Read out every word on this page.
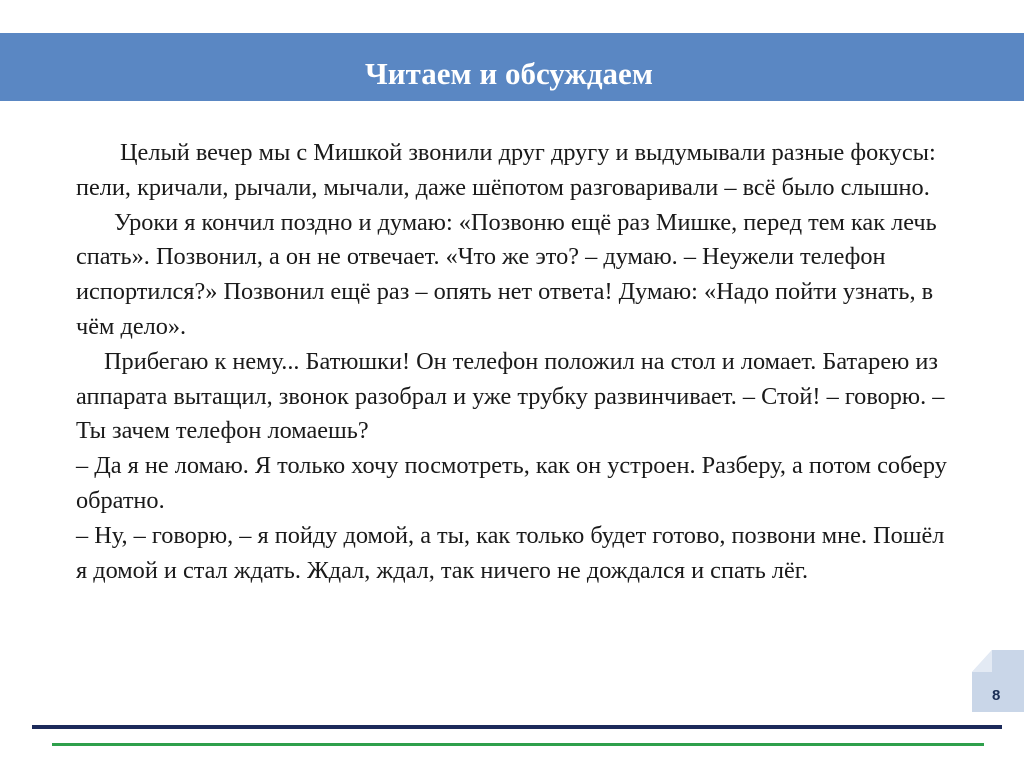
Читаем и обсуждаем

Целый вечер мы с Мишкой звонили друг другу и выдумывали разные фокусы: пели, кричали, рычали, мычали, даже шёпотом разговаривали – всё было слышно.

Уроки я кончил поздно и думаю: «Позвоню ещё раз Мишке, перед тем как лечь спать». Позвонил, а он не отвечает. «Что же это? – думаю. – Неужели телефон испортился?» Позвонил ещё раз – опять нет ответа! Думаю: «Надо пойти узнать, в чём дело».

Прибегаю к нему... Батюшки! Он телефон положил на стол и ломает. Батарею из аппарата вытащил, звонок разобрал и уже трубку развинчивает. – Стой! – говорю. – Ты зачем телефон ломаешь?

– Да я не ломаю. Я только хочу посмотреть, как он устроен. Разберу, а потом соберу обратно.

– Ну, – говорю, – я пойду домой, а ты, как только будет готово, позвони мне. Пошёл я домой и стал ждать. Ждал, ждал, так ничего не дождался и спать лёг.

8
